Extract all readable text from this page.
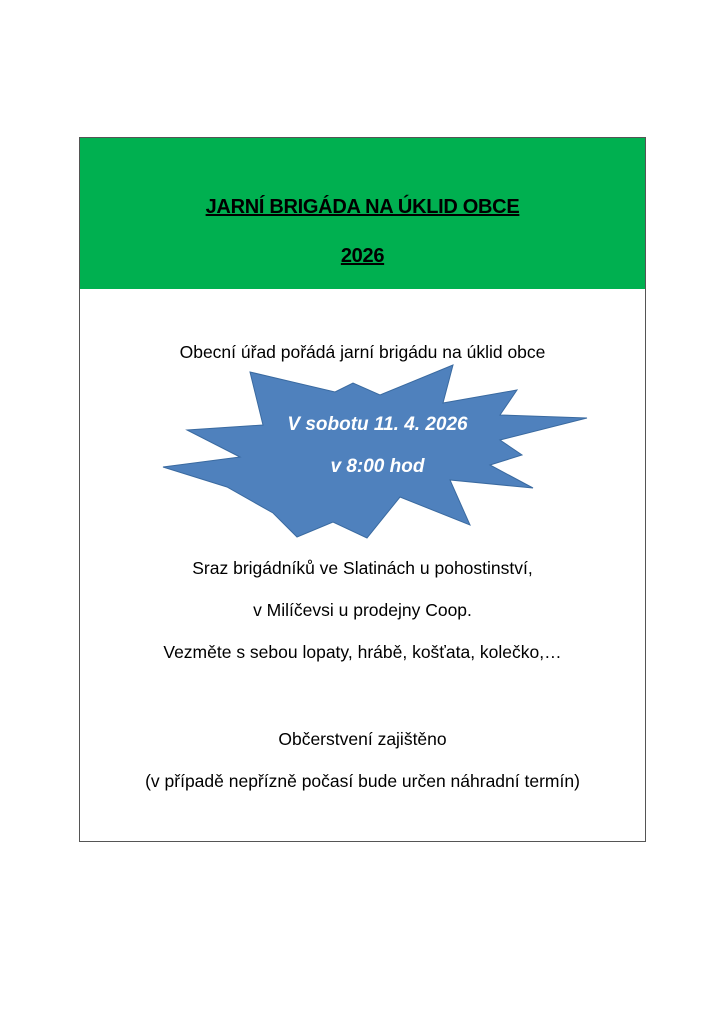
JARNÍ BRIGÁDA NA ÚKLID OBCE
2026
Obecní úřad pořádá jarní brigádu na úklid obce
V sobotu 11. 4. 2026
v 8:00 hod
Sraz brigádníků ve Slatinách u pohostinství,
v Milíčevsi u prodejny Coop.
Vezměte s sebou lopaty, hrábě, košťata, kolečko,…
Občerstvení zajištěno
(v případě nepřízně počasí bude určen náhradní termín)
